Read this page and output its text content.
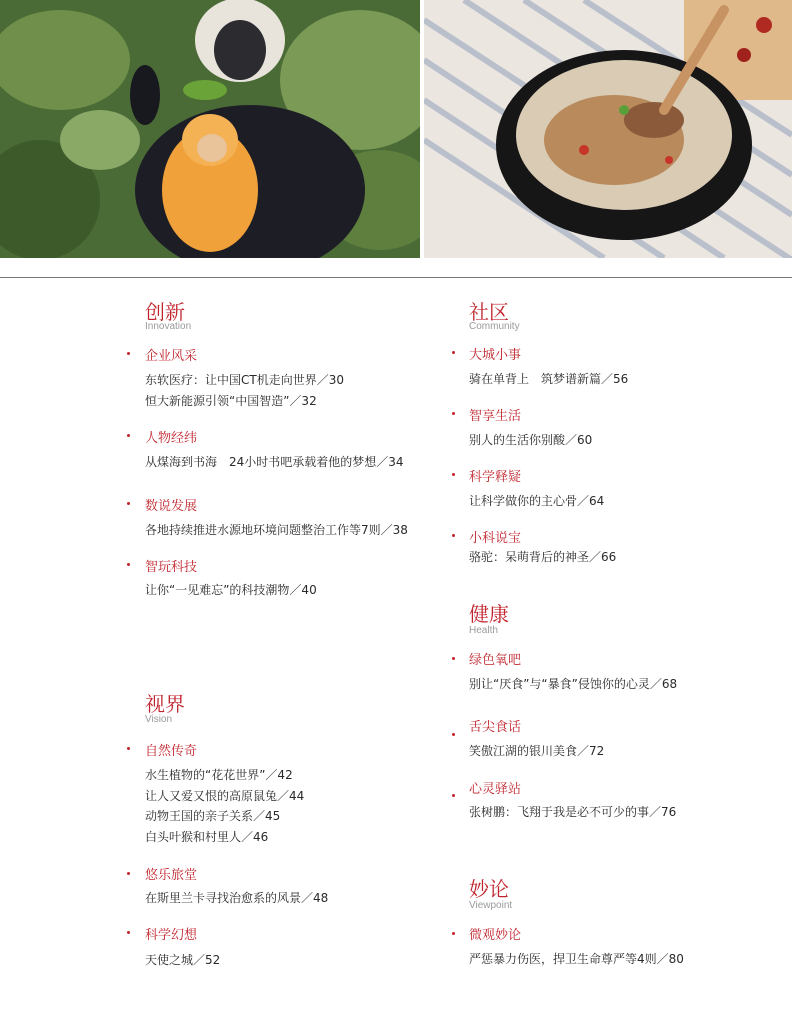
创新
Innovation
企业风采
东软医疗：让中国CT机走向世界／30
恒大新能源引领“中国智造”／32
人物经纬
从煤海到书海　24小时书吧承载着他的梦想／34
数说发展
各地持续推进水源地环境问题整治工作等7则／38
智玩科技
让你“一见难忘”的科技潮物／40
视界
Vision
自然传奇
水生植物的“花花世界”／42
让人又爱又恨的高原鼠兔／44
动物王国的亲子关系／45
白头叶猴和村里人／46
悠乐旅堂
在斯里兰卡寻找治愈系的风景／48
科学幻想
天使之城／52
社区
Community
大城小事
骑在单背上　筑梦谱新篇／56
智享生活
别人的生活你别酸／60
科学释疑
让科学做你的主心骨／64
小科说宝
骆驼：呆萌背后的神圣／66
健康
Health
绿色氧吧
别让“厌食”与“暴食”侵蚀你的心灵／68
舌尖食话
笑傲江湖的银川美食／72
心灵驿站
张树鹏：飞翔于我是必不可少的事／76
妙论
Viewpoint
微观妙论
严惩暴力伤医，捍卫生命尊严等4则／80
